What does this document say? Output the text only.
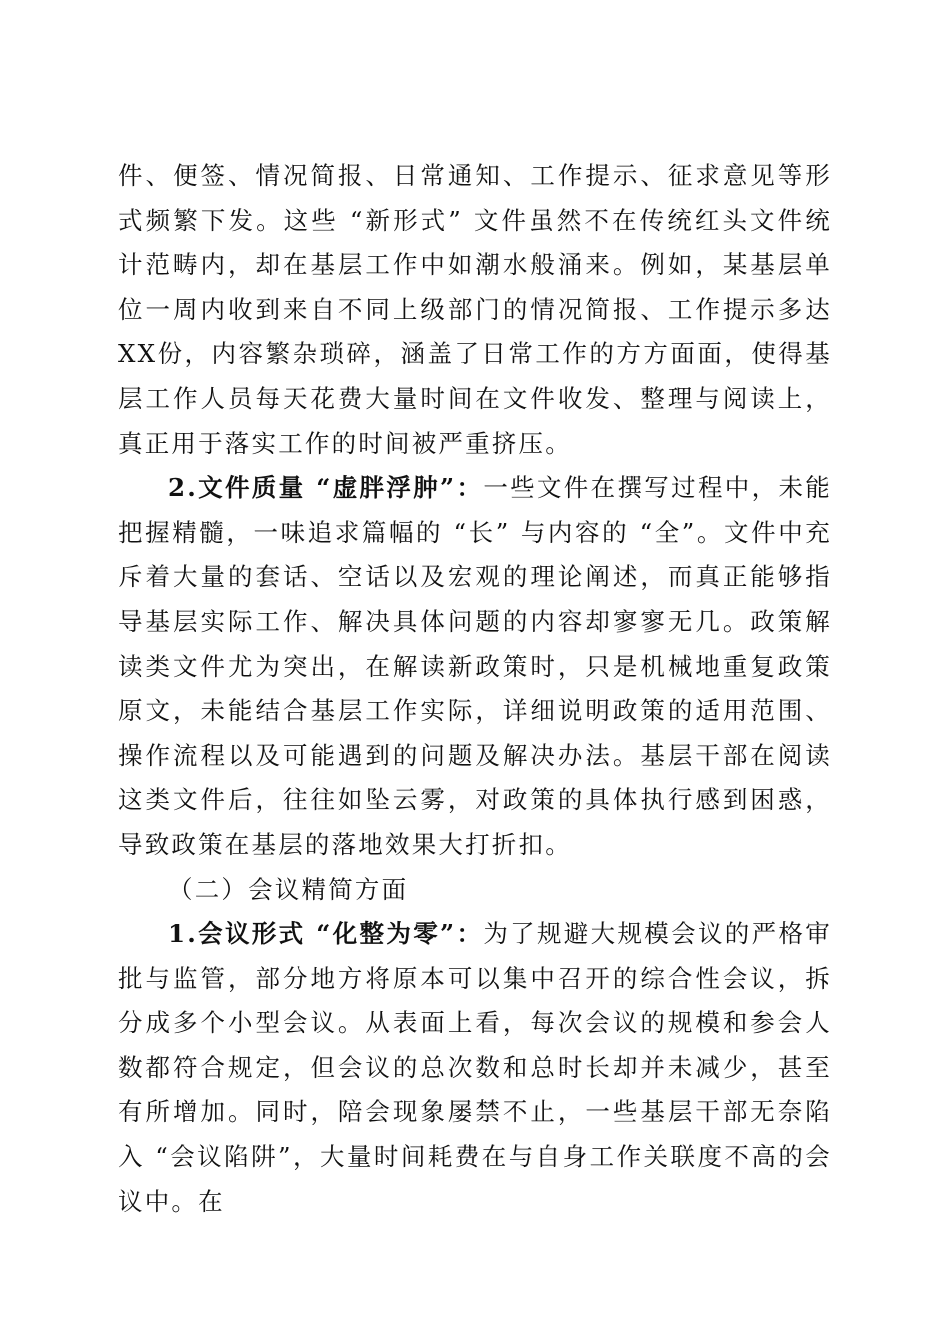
件、便签、情况简报、日常通知、工作提示、征求意见等形式频繁下发。这些 “新形式” 文件虽然不在传统红头文件统计范畴内，却在基层工作中如潮水般涌来。例如，某基层单位一周内收到来自不同上级部门的情况简报、工作提示多达 XX份，内容繁杂琐碎，涵盖了日常工作的方方面面，使得基层工作人员每天花费大量时间在文件收发、整理与阅读上，真正用于落实工作的时间被严重挤压。

2.文件质量 “虚胖浮肿”：一些文件在撰写过程中，未能把握精髓，一味追求篇幅的 “长” 与内容的 “全”。文件中充斥着大量的套话、空话以及宏观的理论阐述，而真正能够指导基层实际工作、解决具体问题的内容却寥寥无几。政策解读类文件尤为突出，在解读新政策时，只是机械地重复政策原文，未能结合基层工作实际，详细说明政策的适用范围、操作流程以及可能遇到的问题及解决办法。基层干部在阅读这类文件后，往往如坠云雾，对政策的具体执行感到困惑，导致政策在基层的落地效果大打折扣。

（二）会议精简方面

1.会议形式 “化整为零”：为了规避大规模会议的严格审批与监管，部分地方将原本可以集中召开的综合性会议，拆分成多个小型会议。从表面上看，每次会议的规模和参会人数都符合规定，但会议的总次数和总时长却并未减少，甚至有所增加。同时，陪会现象屡禁不止，一些基层干部无奈陷入 “会议陷阱”，大量时间耗费在与自身工作关联度不高的会议中。在
